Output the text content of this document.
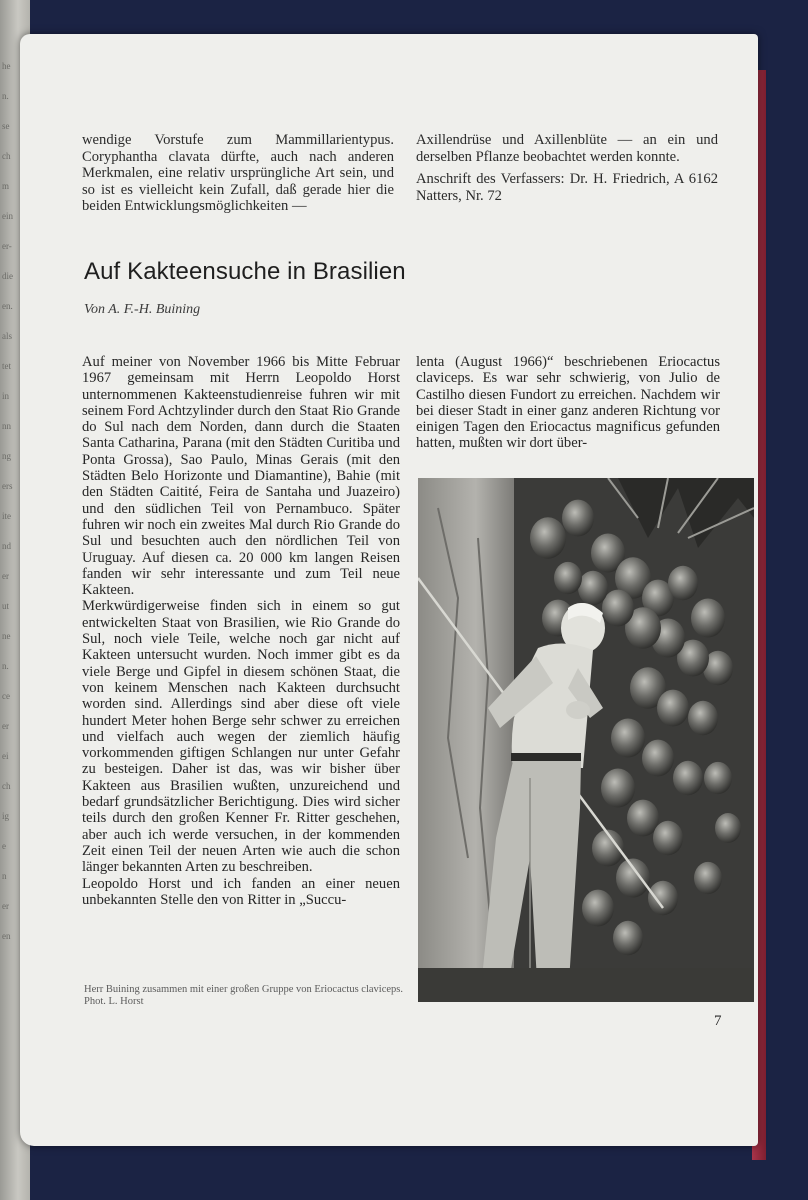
he
n.
se
ch
m
ein
er-
die
en.
als
tet
in
nn
ng
ers
ite
nd
er
ut
ne
n.
ce
er
ei
ch
ig
e
n
er
en

wendige Vorstufe zum Mammillarientypus. Coryphantha clavata dürfte, auch nach anderen Merkmalen, eine relativ ursprüngliche Art sein, und so ist es vielleicht kein Zufall, daß gerade hier die beiden Entwicklungsmöglichkeiten —

Axillendrüse und Axillenblüte — an ein und derselben Pflanze beobachtet werden konnte.

Anschrift des Verfassers: Dr. H. Friedrich, A 6162 Natters, Nr. 72

Auf Kakteensuche in Brasilien
Von A. F.-H. Buining

Auf meiner von November 1966 bis Mitte Februar 1967 gemeinsam mit Herrn Leopoldo Horst unternommenen Kakteenstudienreise fuhren wir mit seinem Ford Achtzylinder durch den Staat Rio Grande do Sul nach dem Norden, dann durch die Staaten Santa Catharina, Parana (mit den Städten Curitiba und Ponta Grossa), Sao Paulo, Minas Gerais (mit den Städten Belo Horizonte und Diamantine), Bahie (mit den Städten Caitité, Feira de Santaha und Juazeiro) und den südlichen Teil von Pernambuco. Später fuhren wir noch ein zweites Mal durch Rio Grande do Sul und besuchten auch den nördlichen Teil von Uruguay. Auf diesen ca. 20 000 km langen Reisen fanden wir sehr interessante und zum Teil neue Kakteen.

Merkwürdigerweise finden sich in einem so gut entwickelten Staat von Brasilien, wie Rio Grande do Sul, noch viele Teile, welche noch gar nicht auf Kakteen untersucht wurden. Noch immer gibt es da viele Berge und Gipfel in diesem schönen Staat, die von keinem Menschen nach Kakteen durchsucht worden sind. Allerdings sind aber diese oft viele hundert Meter hohen Berge sehr schwer zu erreichen und vielfach auch wegen der ziemlich häufig vorkommenden giftigen Schlangen nur unter Gefahr zu besteigen. Daher ist das, was wir bisher über Kakteen aus Brasilien wußten, unzureichend und bedarf grundsätzlicher Berichtigung. Dies wird sicher teils durch den großen Kenner Fr. Ritter geschehen, aber auch ich werde versuchen, in der kommenden Zeit einen Teil der neuen Arten wie auch die schon länger bekannten Arten zu beschreiben.

Leopoldo Horst und ich fanden an einer neuen unbekannten Stelle den von Ritter in „Succu-

lenta (August 1966)“ beschriebenen Eriocactus claviceps. Es war sehr schwierig, von Julio de Castilho diesen Fundort zu erreichen. Nachdem wir bei dieser Stadt in einer ganz anderen Richtung vor einigen Tagen den Eriocactus magnificus gefunden hatten, mußten wir dort über-

Herr Buining zusammen mit einer großen Gruppe von Eriocactus claviceps. Phot. L. Horst
7
